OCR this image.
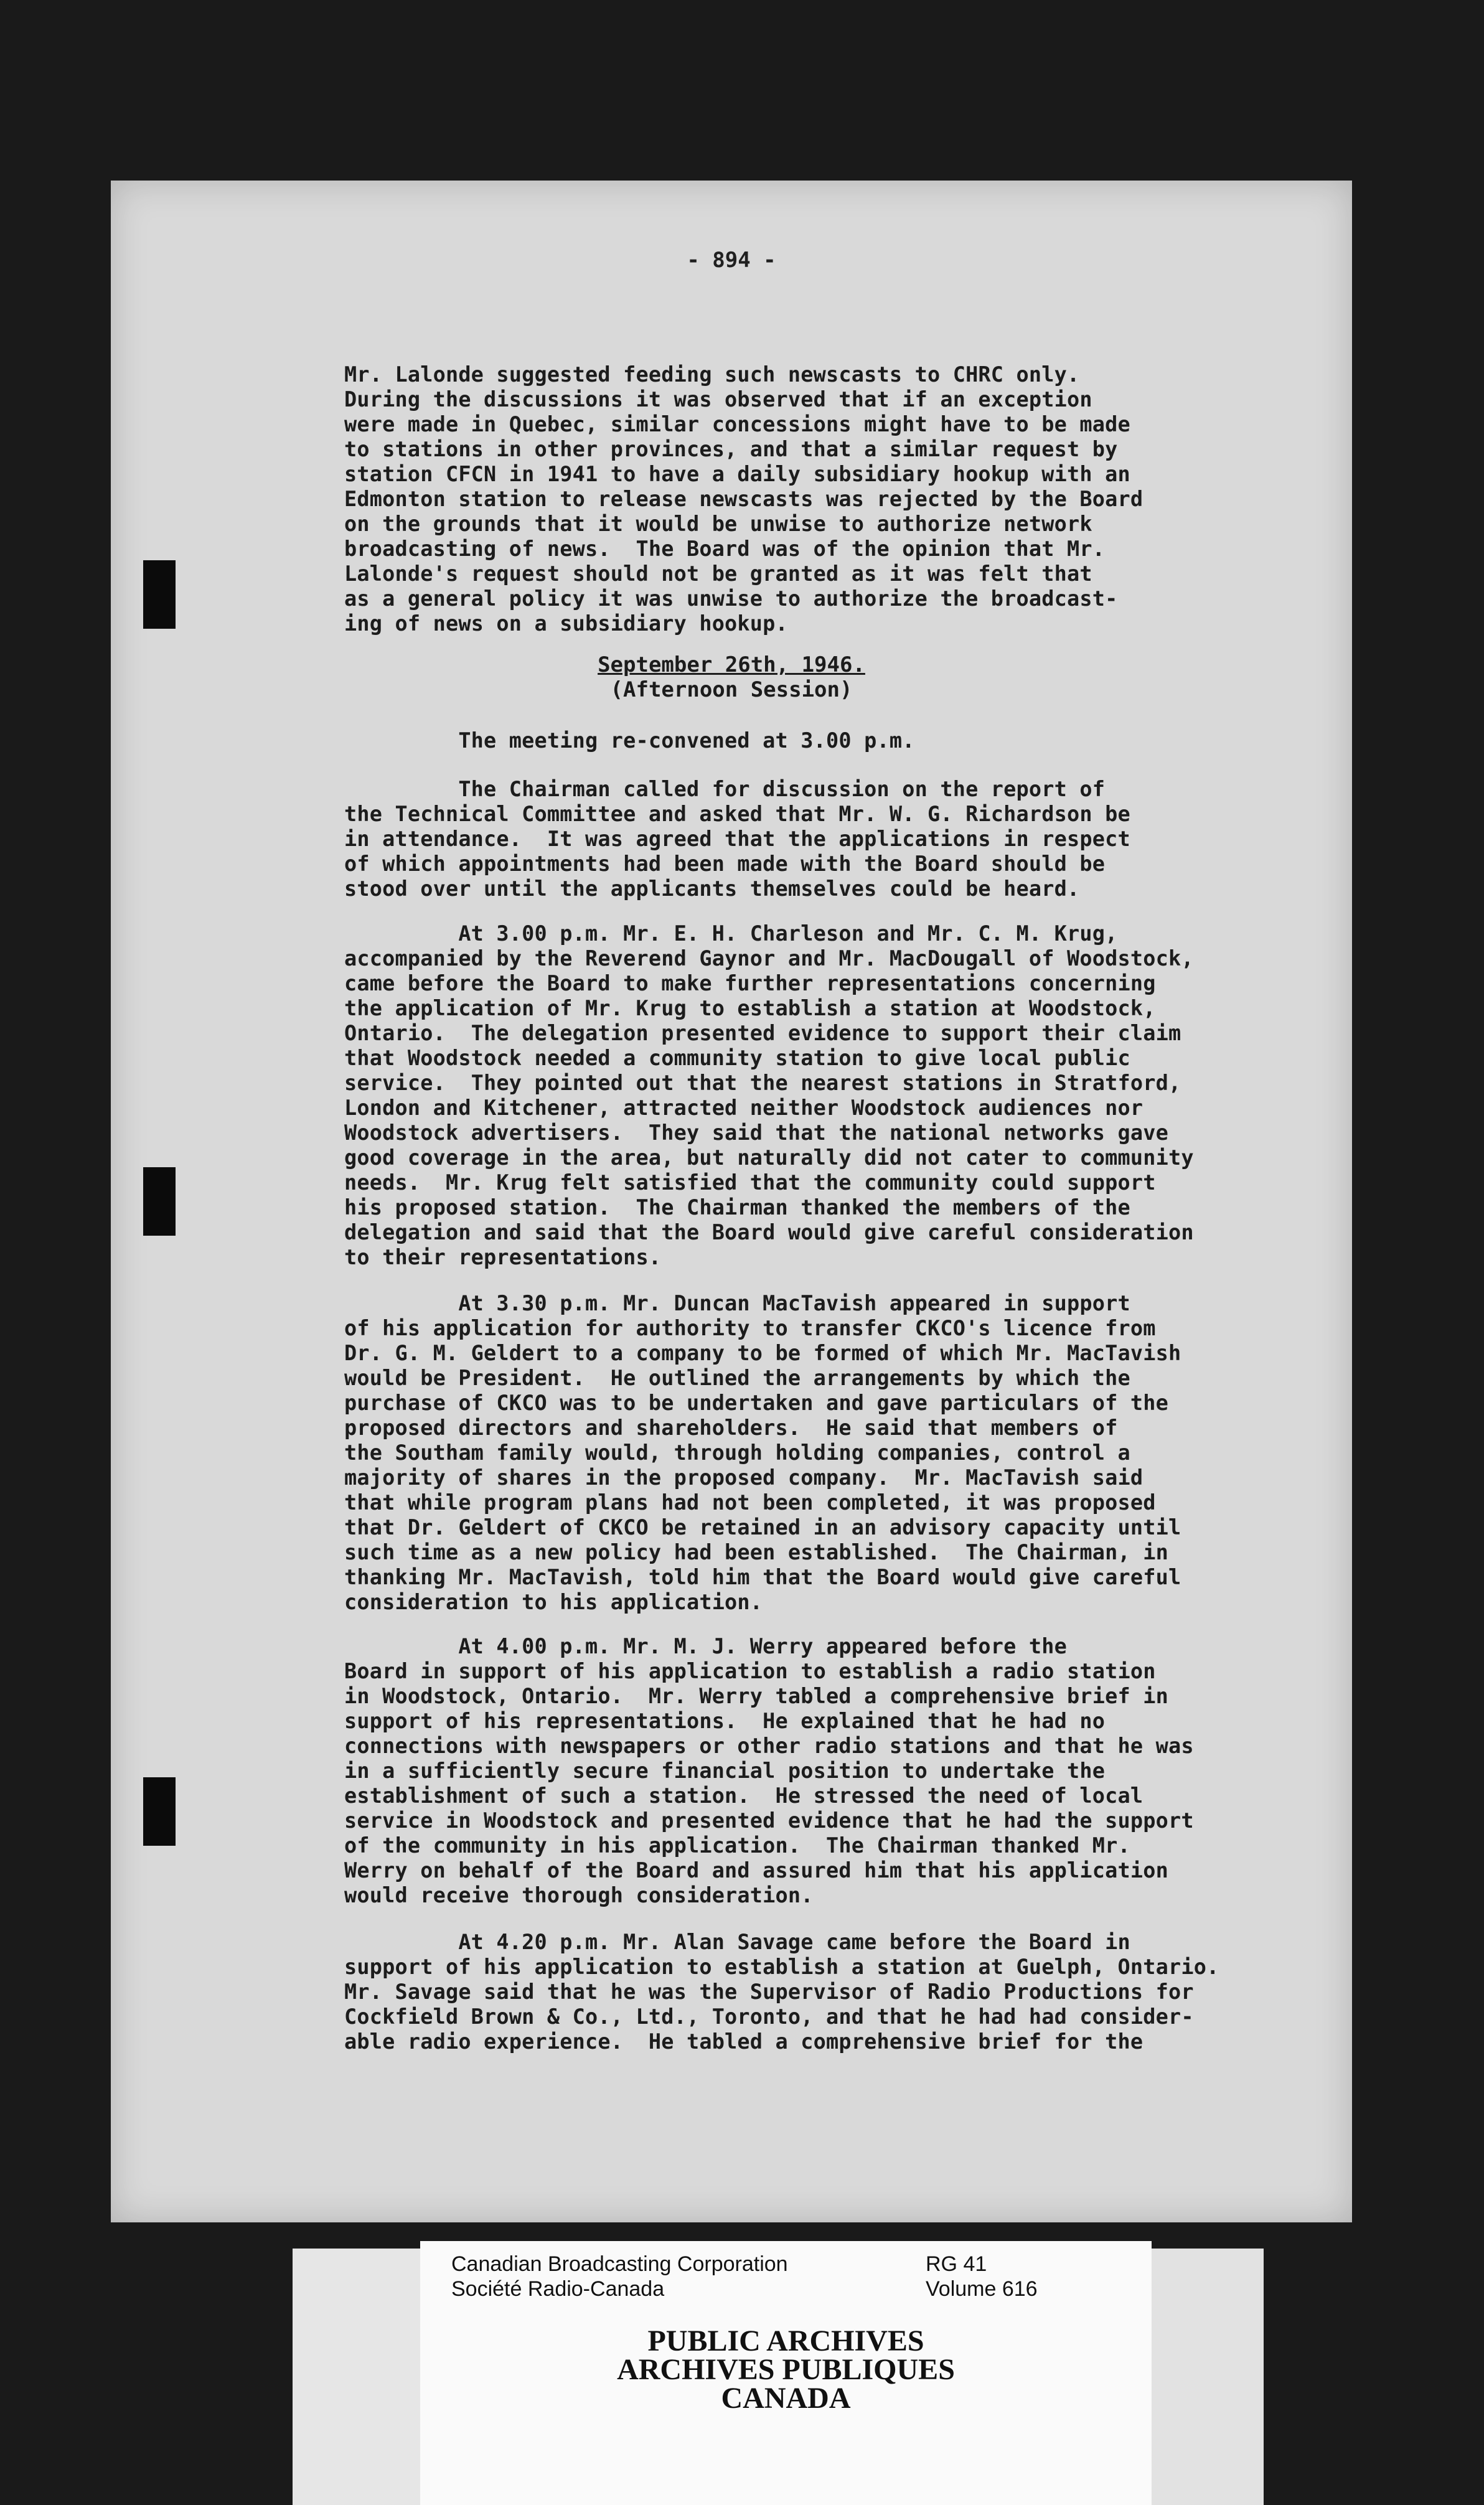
- 894 -
Mr. Lalonde suggested feeding such newscasts to CHRC only.
During the discussions it was observed that if an exception
were made in Quebec, similar concessions might have to be made
to stations in other provinces, and that a similar request by
station CFCN in 1941 to have a daily subsidiary hookup with an
Edmonton station to release newscasts was rejected by the Board
on the grounds that it would be unwise to authorize network
broadcasting of news.  The Board was of the opinion that Mr.
Lalonde's request should not be granted as it was felt that
as a general policy it was unwise to authorize the broadcast-
ing of news on a subsidiary hookup.
September 26th, 1946.
(Afternoon Session)
The meeting re-convened at 3.00 p.m.
The Chairman called for discussion on the report of
the Technical Committee and asked that Mr. W. G. Richardson be
in attendance.  It was agreed that the applications in respect
of which appointments had been made with the Board should be
stood over until the applicants themselves could be heard.
At 3.00 p.m. Mr. E. H. Charleson and Mr. C. M. Krug,
accompanied by the Reverend Gaynor and Mr. MacDougall of Woodstock,
came before the Board to make further representations concerning
the application of Mr. Krug to establish a station at Woodstock,
Ontario.  The delegation presented evidence to support their claim
that Woodstock needed a community station to give local public
service.  They pointed out that the nearest stations in Stratford,
London and Kitchener, attracted neither Woodstock audiences nor
Woodstock advertisers.  They said that the national networks gave
good coverage in the area, but naturally did not cater to community
needs.  Mr. Krug felt satisfied that the community could support
his proposed station.  The Chairman thanked the members of the
delegation and said that the Board would give careful consideration
to their representations.
At 3.30 p.m. Mr. Duncan MacTavish appeared in support
of his application for authority to transfer CKCO's licence from
Dr. G. M. Geldert to a company to be formed of which Mr. MacTavish
would be President.  He outlined the arrangements by which the
purchase of CKCO was to be undertaken and gave particulars of the
proposed directors and shareholders.  He said that members of
the Southam family would, through holding companies, control a
majority of shares in the proposed company.  Mr. MacTavish said
that while program plans had not been completed, it was proposed
that Dr. Geldert of CKCO be retained in an advisory capacity until
such time as a new policy had been established.  The Chairman, in
thanking Mr. MacTavish, told him that the Board would give careful
consideration to his application.
At 4.00 p.m. Mr. M. J. Werry appeared before the
Board in support of his application to establish a radio station
in Woodstock, Ontario.  Mr. Werry tabled a comprehensive brief in
support of his representations.  He explained that he had no
connections with newspapers or other radio stations and that he was
in a sufficiently secure financial position to undertake the
establishment of such a station.  He stressed the need of local
service in Woodstock and presented evidence that he had the support
of the community in his application.  The Chairman thanked Mr.
Werry on behalf of the Board and assured him that his application
would receive thorough consideration.
At 4.20 p.m. Mr. Alan Savage came before the Board in
support of his application to establish a station at Guelph, Ontario.
Mr. Savage said that he was the Supervisor of Radio Productions for
Cockfield Brown & Co., Ltd., Toronto, and that he had had consider-
able radio experience.  He tabled a comprehensive brief for the
Canadian Broadcasting Corporation
Société Radio-Canada
RG 41
Volume 616
PUBLIC ARCHIVES
ARCHIVES PUBLIQUES
CANADA
